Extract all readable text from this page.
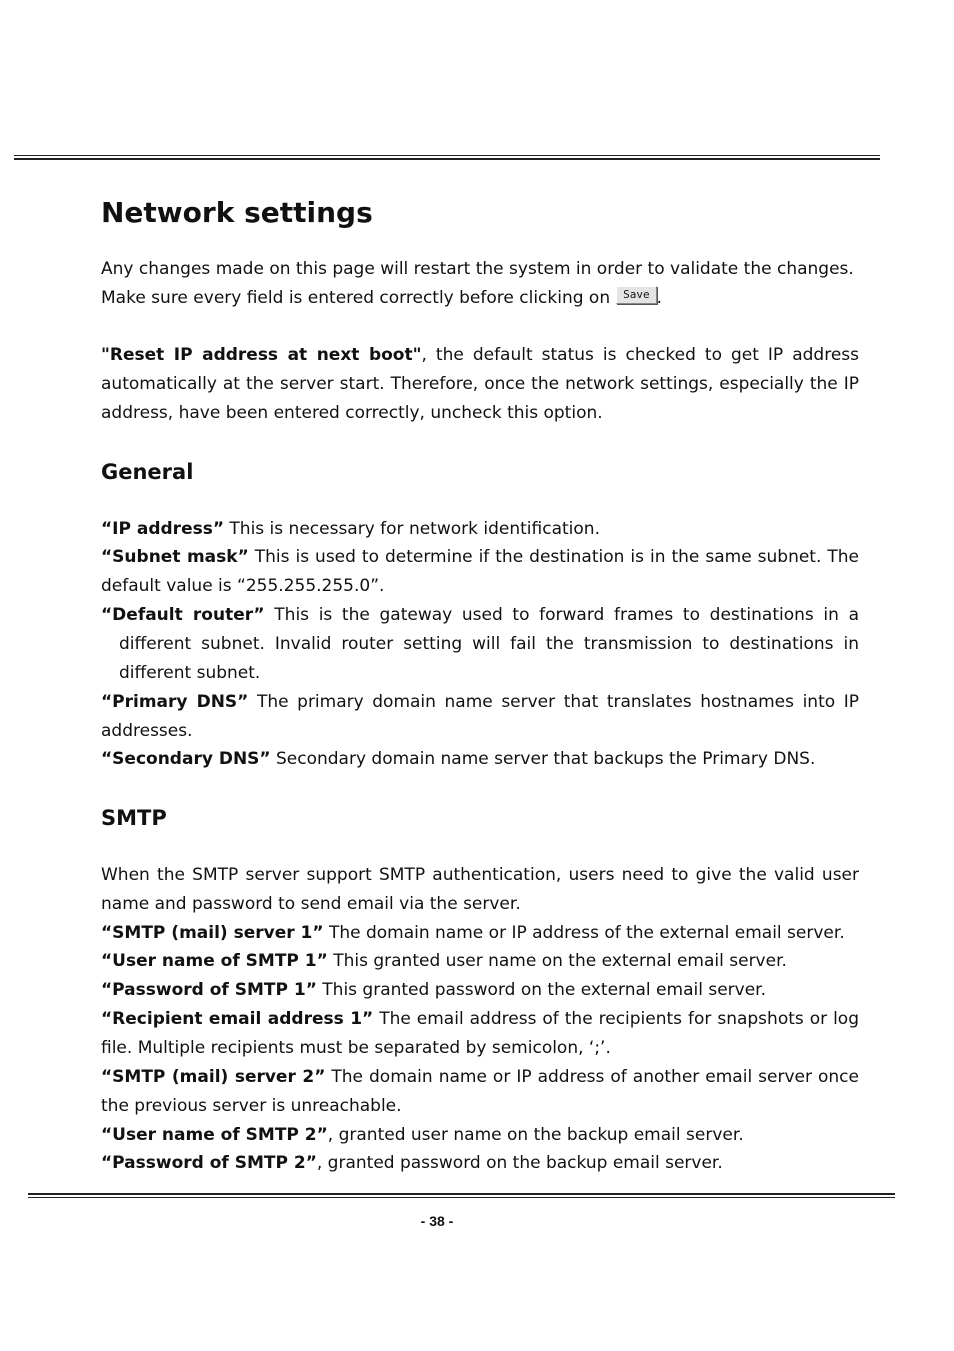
Network settings

Any changes made on this page will restart the system in order to validate the changes.
Make sure every field is entered correctly before clicking on Save .

"Reset IP address at next boot", the default status is checked to get IP address automatically at the server start. Therefore, once the network settings, especially the IP address, have been entered correctly, uncheck this option.

General

“IP address” This is necessary for network identification.

“Subnet mask” This is used to determine if the destination is in the same subnet. The default value is “255.255.255.0”.

“Default router” This is the gateway used to forward frames to destinations in a different subnet. Invalid router setting will fail the transmission to destinations in different subnet.

“Primary DNS” The primary domain name server that translates hostnames into IP addresses.

“Secondary DNS” Secondary domain name server that backups the Primary DNS.

SMTP

When the SMTP server support SMTP authentication, users need to give the valid user name and password to send email via the server.

“SMTP (mail) server 1” The domain name or IP address of the external email server.

“User name of SMTP 1” This granted user name on the external email server.

“Password of SMTP 1” This granted password on the external email server.

“Recipient email address 1” The email address of the recipients for snapshots or log file. Multiple recipients must be separated by semicolon, ‘;’.

“SMTP (mail) server 2” The domain name or IP address of another email server once the previous server is unreachable.

“User name of SMTP 2”, granted user name on the backup email server.

“Password of SMTP 2”, granted password on the backup email server.

- 38 -
